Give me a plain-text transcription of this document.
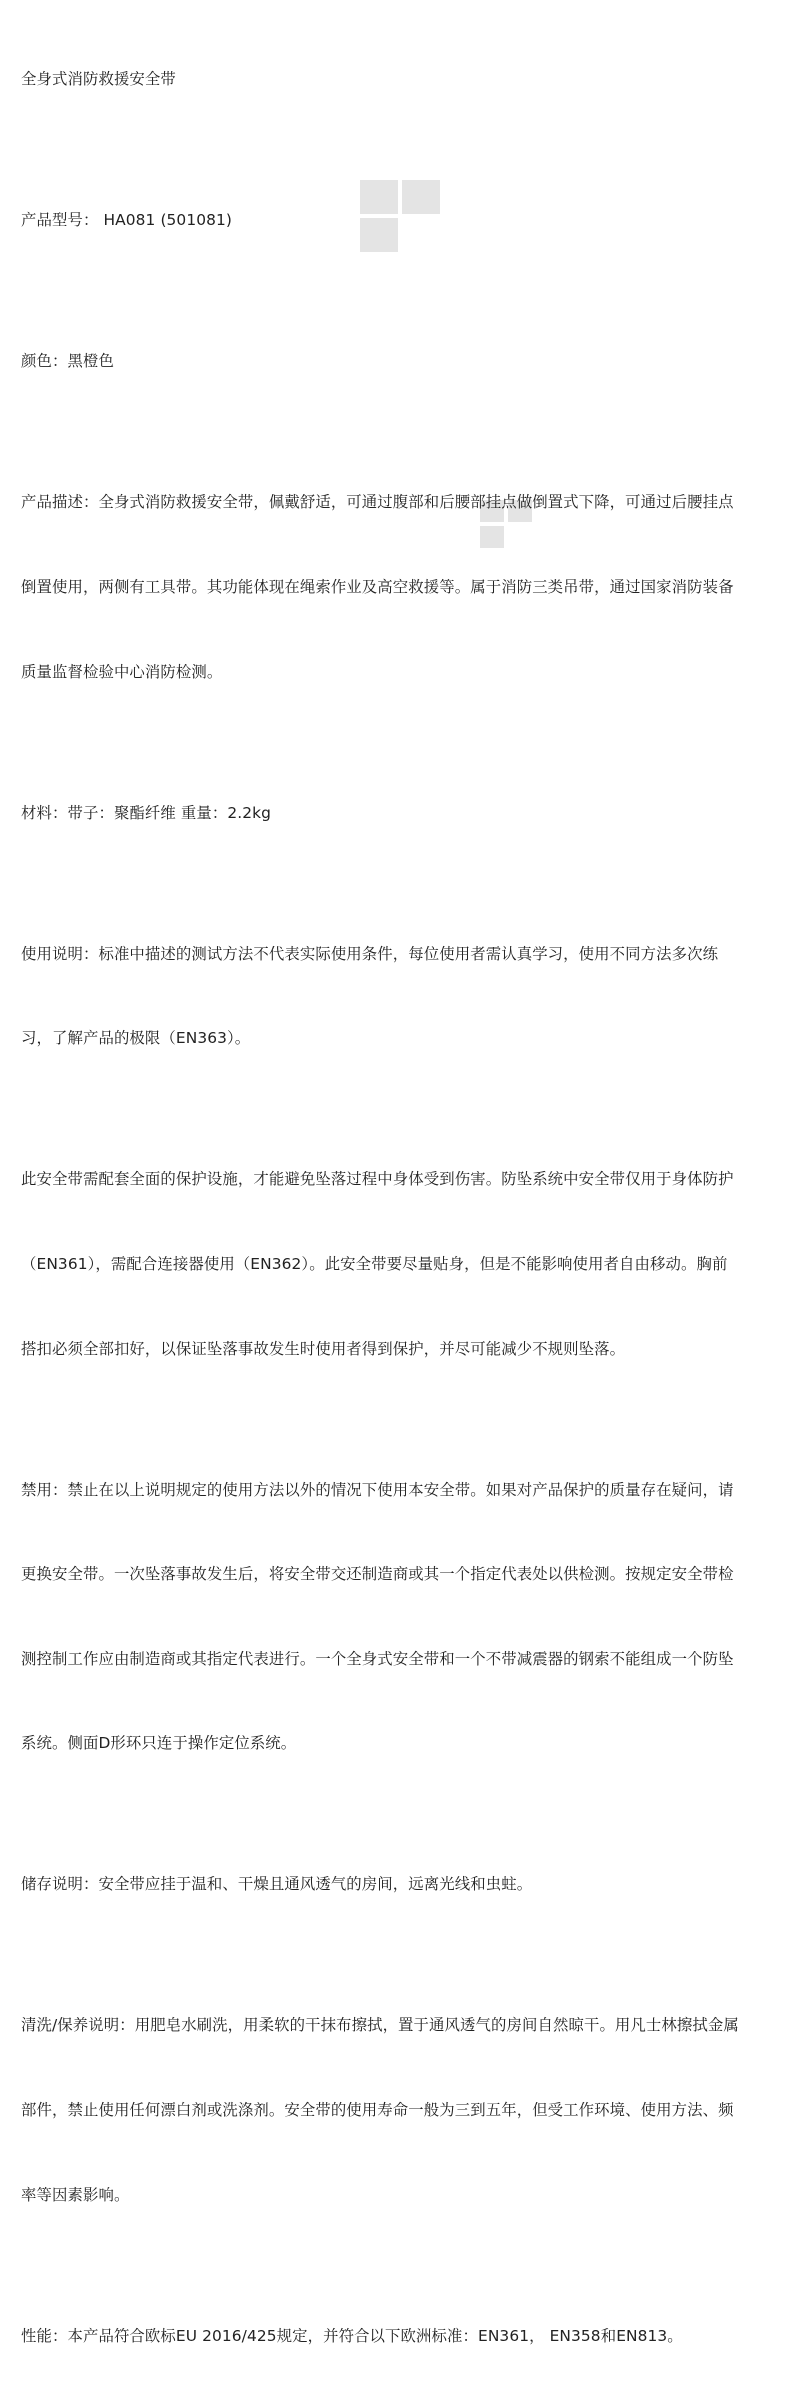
全身式消防救援安全带

产品型号： HA081 (501081)

颜色：黑橙色

产品描述：全身式消防救援安全带，佩戴舒适，可通过腹部和后腰部挂点做倒置式下降，可通过后腰挂点

倒置使用，两侧有工具带。其功能体现在绳索作业及高空救援等。属于消防三类吊带，通过国家消防装备

质量监督检验中心消防检测。

材料：带子：聚酯纤维 重量：2.2kg

使用说明：标准中描述的测试方法不代表实际使用条件，每位使用者需认真学习，使用不同方法多次练

习，了解产品的极限（EN363）。

此安全带需配套全面的保护设施，才能避免坠落过程中身体受到伤害。防坠系统中安全带仅用于身体防护

（EN361），需配合连接器使用（EN362）。此安全带要尽量贴身，但是不能影响使用者自由移动。胸前

搭扣必须全部扣好，以保证坠落事故发生时使用者得到保护，并尽可能减少不规则坠落。

禁用：禁止在以上说明规定的使用方法以外的情况下使用本安全带。如果对产品保护的质量存在疑问，请

更换安全带。一次坠落事故发生后，将安全带交还制造商或其一个指定代表处以供检测。按规定安全带检

测控制工作应由制造商或其指定代表进行。一个全身式安全带和一个不带减震器的钢索不能组成一个防坠

系统。侧面D形环只连于操作定位系统。

储存说明：安全带应挂于温和、干燥且通风透气的房间，远离光线和虫蛀。

清洗/保养说明：用肥皂水刷洗，用柔软的干抹布擦拭，置于通风透气的房间自然晾干。用凡士林擦拭金属

部件，禁止使用任何漂白剂或洗涤剂。安全带的使用寿命一般为三到五年，但受工作环境、使用方法、频

率等因素影响。

性能：本产品符合欧标EU 2016/425规定，并符合以下欧洲标准：EN361， EN358和EN813。
